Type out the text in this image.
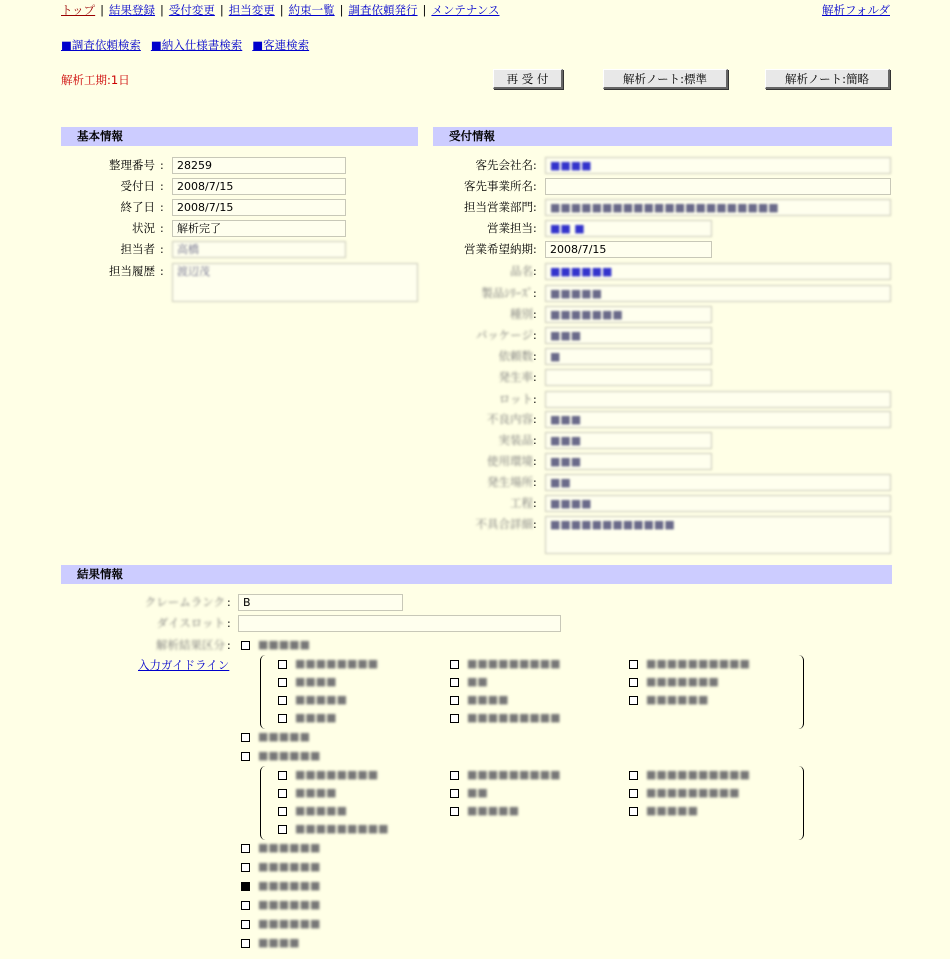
トップ | 結果登録 | 受付変更 | 担当変更 | 約束一覧 | 調査依頼発行 | メンテナンス	解析フォルダ
■調査依頼検索 ■納入仕様書検索 ■客連検索
解析工期:1日	再 受 付	解析ノート:標準	解析ノート:簡略
基本情報	受付情報
結果情報
整理番号 :	28259
受付日 :	2008/7/15
終了日 :	2008/7/15
状況 :	解析完了
担当者 :	高橋
担当履歴 :	渡辺茂
客先会社名 :	■■■■
客先事業所名 :
担当営業部門 :	■■■■■■■■■■■■■■■■■■■■■■
営業担当 :	■■ ■
営業希望納期 :	2008/7/15
品名 :	■■■■■■
製品ｼﾘｰｽﾞ :	■■■■■
種別 :	■■■■■■■
パッケージ :	■■■
依頼数 :	■
発生率 :
ロット :
不良内容 :	■■■
実装品 :	■■■
使用環境 :	■■■
発生場所 :	■■
工程 :	■■■■
不具合詳細 :	■■■■■■■■■■■■
クレームランク :	B
ダイスロット :
解析結果区分 :
入力ガイドライン
■■■■■
■■■■■■■■	■■■■■■■■■	■■■■■■■■■■
■■■■	■■	■■■■■■■
■■■■■	■■■■	■■■■■■
■■■■	■■■■■■■■■
■■■■■
■■■■■■
■■■■■■■■	■■■■■■■■■	■■■■■■■■■■
■■■■	■■	■■■■■■■■■
■■■■■	■■■■■	■■■■■
■■■■■■■■■
■■■■■■
■■■■■■
■■■■■■
■■■■■■
■■■■■■
■■■■
